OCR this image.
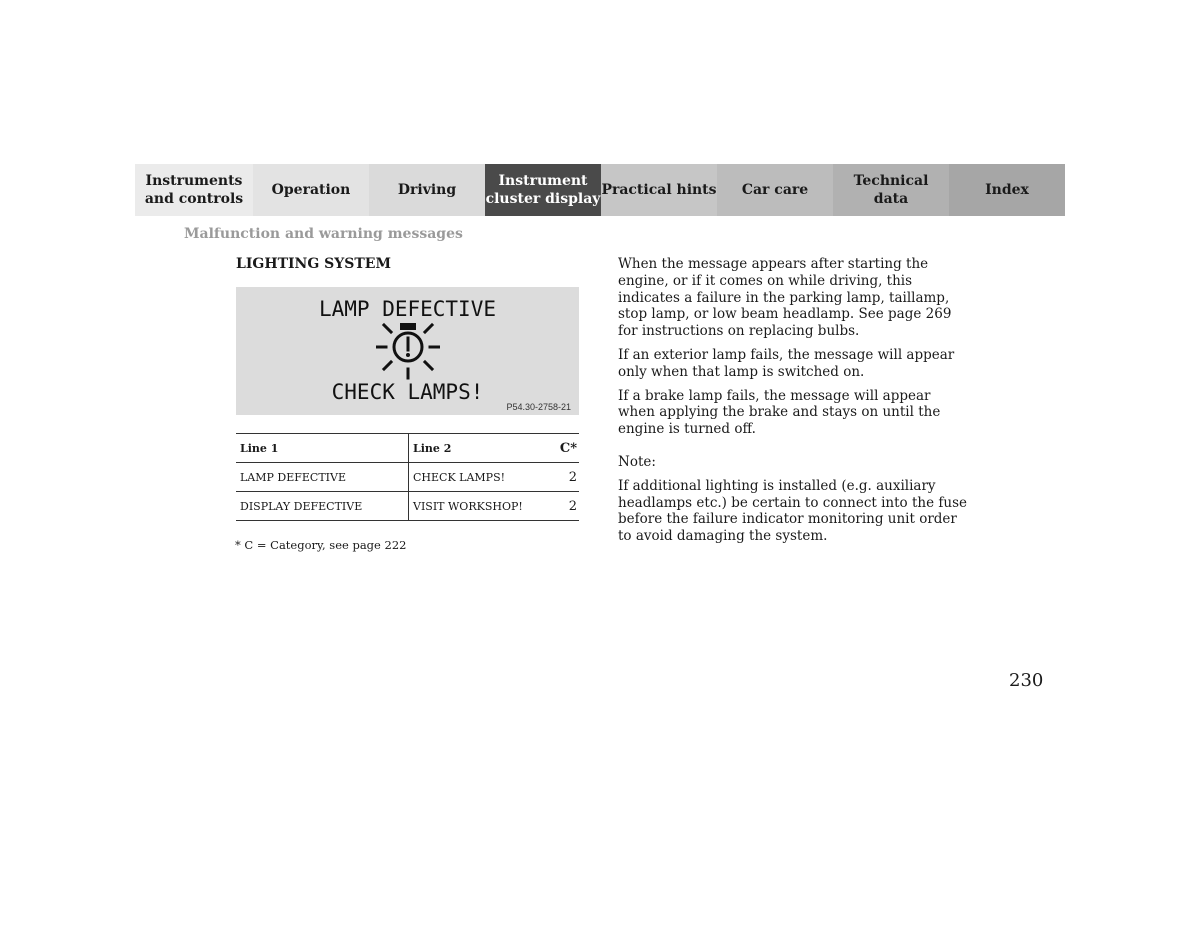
Instruments
and controls
Operation	Driving
Instrument
cluster display
Practical hints Car care
Technical
data
Index
Malfunction and warning messages
LIGHTING SYSTEM
LAMP DEFECTIVE
CHECK LAMPS!
P54.30-2758-21
Line 1	Line 2	C*
LAMP DEFECTIVE	CHECK LAMPS!	2
DISPLAY DEFECTIVE	VISIT WORKSHOP!	2
* C = Category, see page 222

When the message appears after starting the engine, or if it comes on while driving, this indicates a failure in the parking lamp, taillamp, stop lamp, or low beam headlamp. See page 269 for instructions on replacing bulbs.

If an exterior lamp fails, the message will appear only when that lamp is switched on.

If a brake lamp fails, the message will appear when applying the brake and stays on until the engine is turned off.

Note:

If additional lighting is installed (e.g. auxiliary headlamps etc.) be certain to connect into the fuse before the failure indicator monitoring unit order to avoid damaging the system.

230
